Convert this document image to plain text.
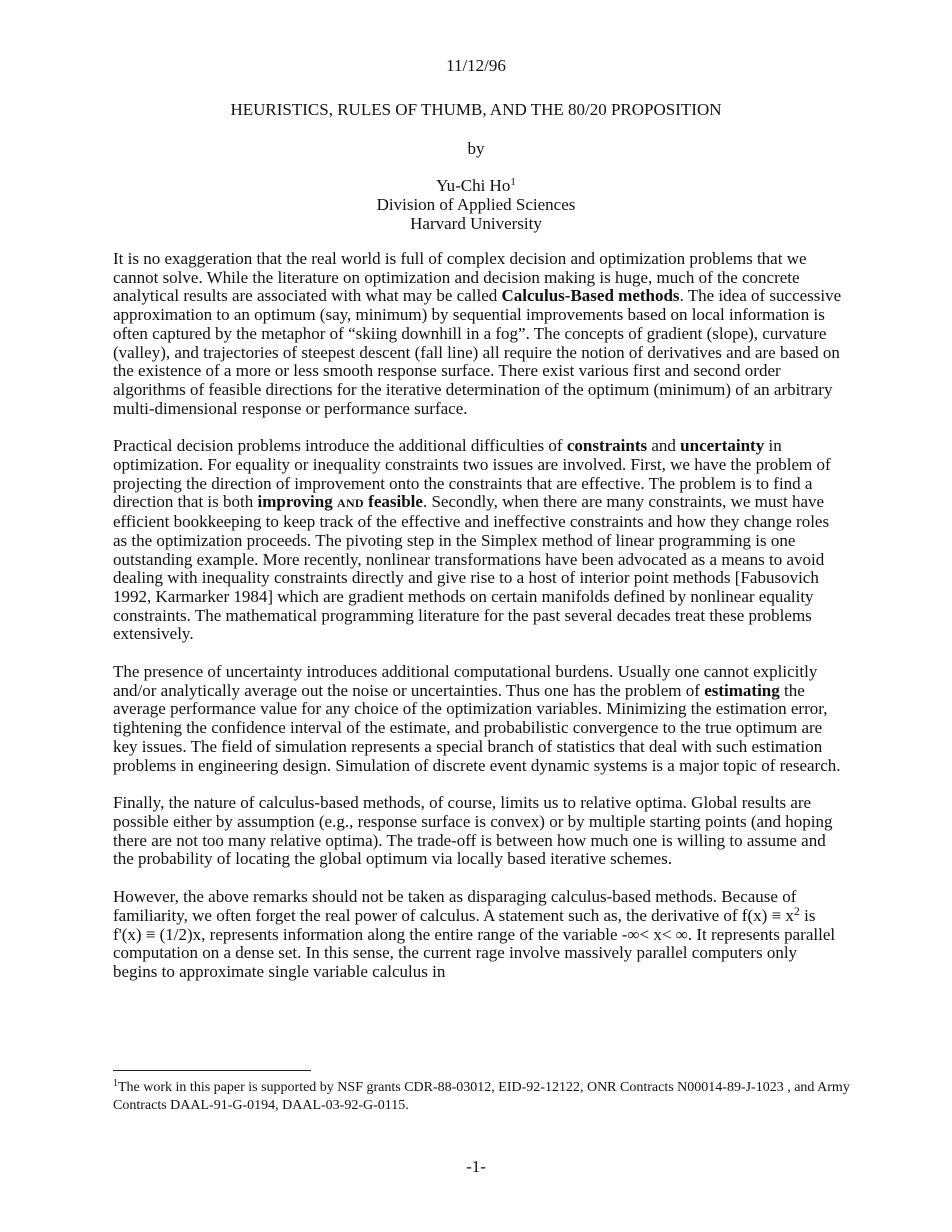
11/12/96

HEURISTICS, RULES OF THUMB, AND THE 80/20 PROPOSITION

by

Yu-Chi Ho$^1$

Division of Applied Sciences

Harvard University

It is no exaggeration that the real world is full of complex decision and optimization problems that we cannot solve. While the literature on optimization and decision making is huge, much of the concrete analytical results are associated with what may be called Calculus-Based methods. The idea of successive approximation to an optimum (say, minimum) by sequential improvements based on local information is often captured by the metaphor of “skiing downhill in a fog”. The concepts of gradient (slope), curvature (valley), and trajectories of steepest descent (fall line) all require the notion of derivatives and are based on the existence of a more or less smooth response surface. There exist various first and second order algorithms of feasible directions for the iterative determination of the optimum (minimum) of an arbitrary multi-dimensional response or performance surface.

Practical decision problems introduce the additional difficulties of constraints and uncertainty in optimization. For equality or inequality constraints two issues are involved. First, we have the problem of projecting the direction of improvement onto the constraints that are effective. The problem is to find a direction that is both improving AND feasible. Secondly, when there are many constraints, we must have efficient bookkeeping to keep track of the effective and ineffective constraints and how they change roles as the optimization proceeds. The pivoting step in the Simplex method of linear programming is one outstanding example. More recently, nonlinear transformations have been advocated as a means to avoid dealing with inequality constraints directly and give rise to a host of interior point methods [Fabusovich 1992, Karmarker 1984] which are gradient methods on certain manifolds defined by nonlinear equality constraints. The mathematical programming literature for the past several decades treat these problems extensively.

The presence of uncertainty introduces additional computational burdens. Usually one cannot explicitly and/or analytically average out the noise or uncertainties. Thus one has the problem of estimating the average performance value for any choice of the optimization variables. Minimizing the estimation error, tightening the confidence interval of the estimate, and probabilistic convergence to the true optimum are key issues. The field of simulation represents a special branch of statistics that deal with such estimation problems in engineering design. Simulation of discrete event dynamic systems is a major topic of research.

Finally, the nature of calculus-based methods, of course, limits us to relative optima. Global results are possible either by assumption (e.g., response surface is convex) or by multiple starting points (and hoping there are not too many relative optima). The trade-off is between how much one is willing to assume and the probability of locating the global optimum via locally based iterative schemes.

However, the above remarks should not be taken as disparaging calculus-based methods. Because of familiarity, we often forget the real power of calculus. A statement such as, the derivative of $f(x) \equiv x^2$ is f'(x) ≡ (1/2)x, represents information along the entire range of the variable -∞< x< ∞. It represents parallel computation on a dense set. In this sense, the current rage involve massively parallel computers only begins to approximate single variable calculus in

$^1$The work in this paper is supported by NSF grants CDR-88-03012, EID-92-12122, ONR Contracts N00014-89-J-1023 , and Army Contracts DAAL-91-G-0194, DAAL-03-92-G-0115.

-1-
